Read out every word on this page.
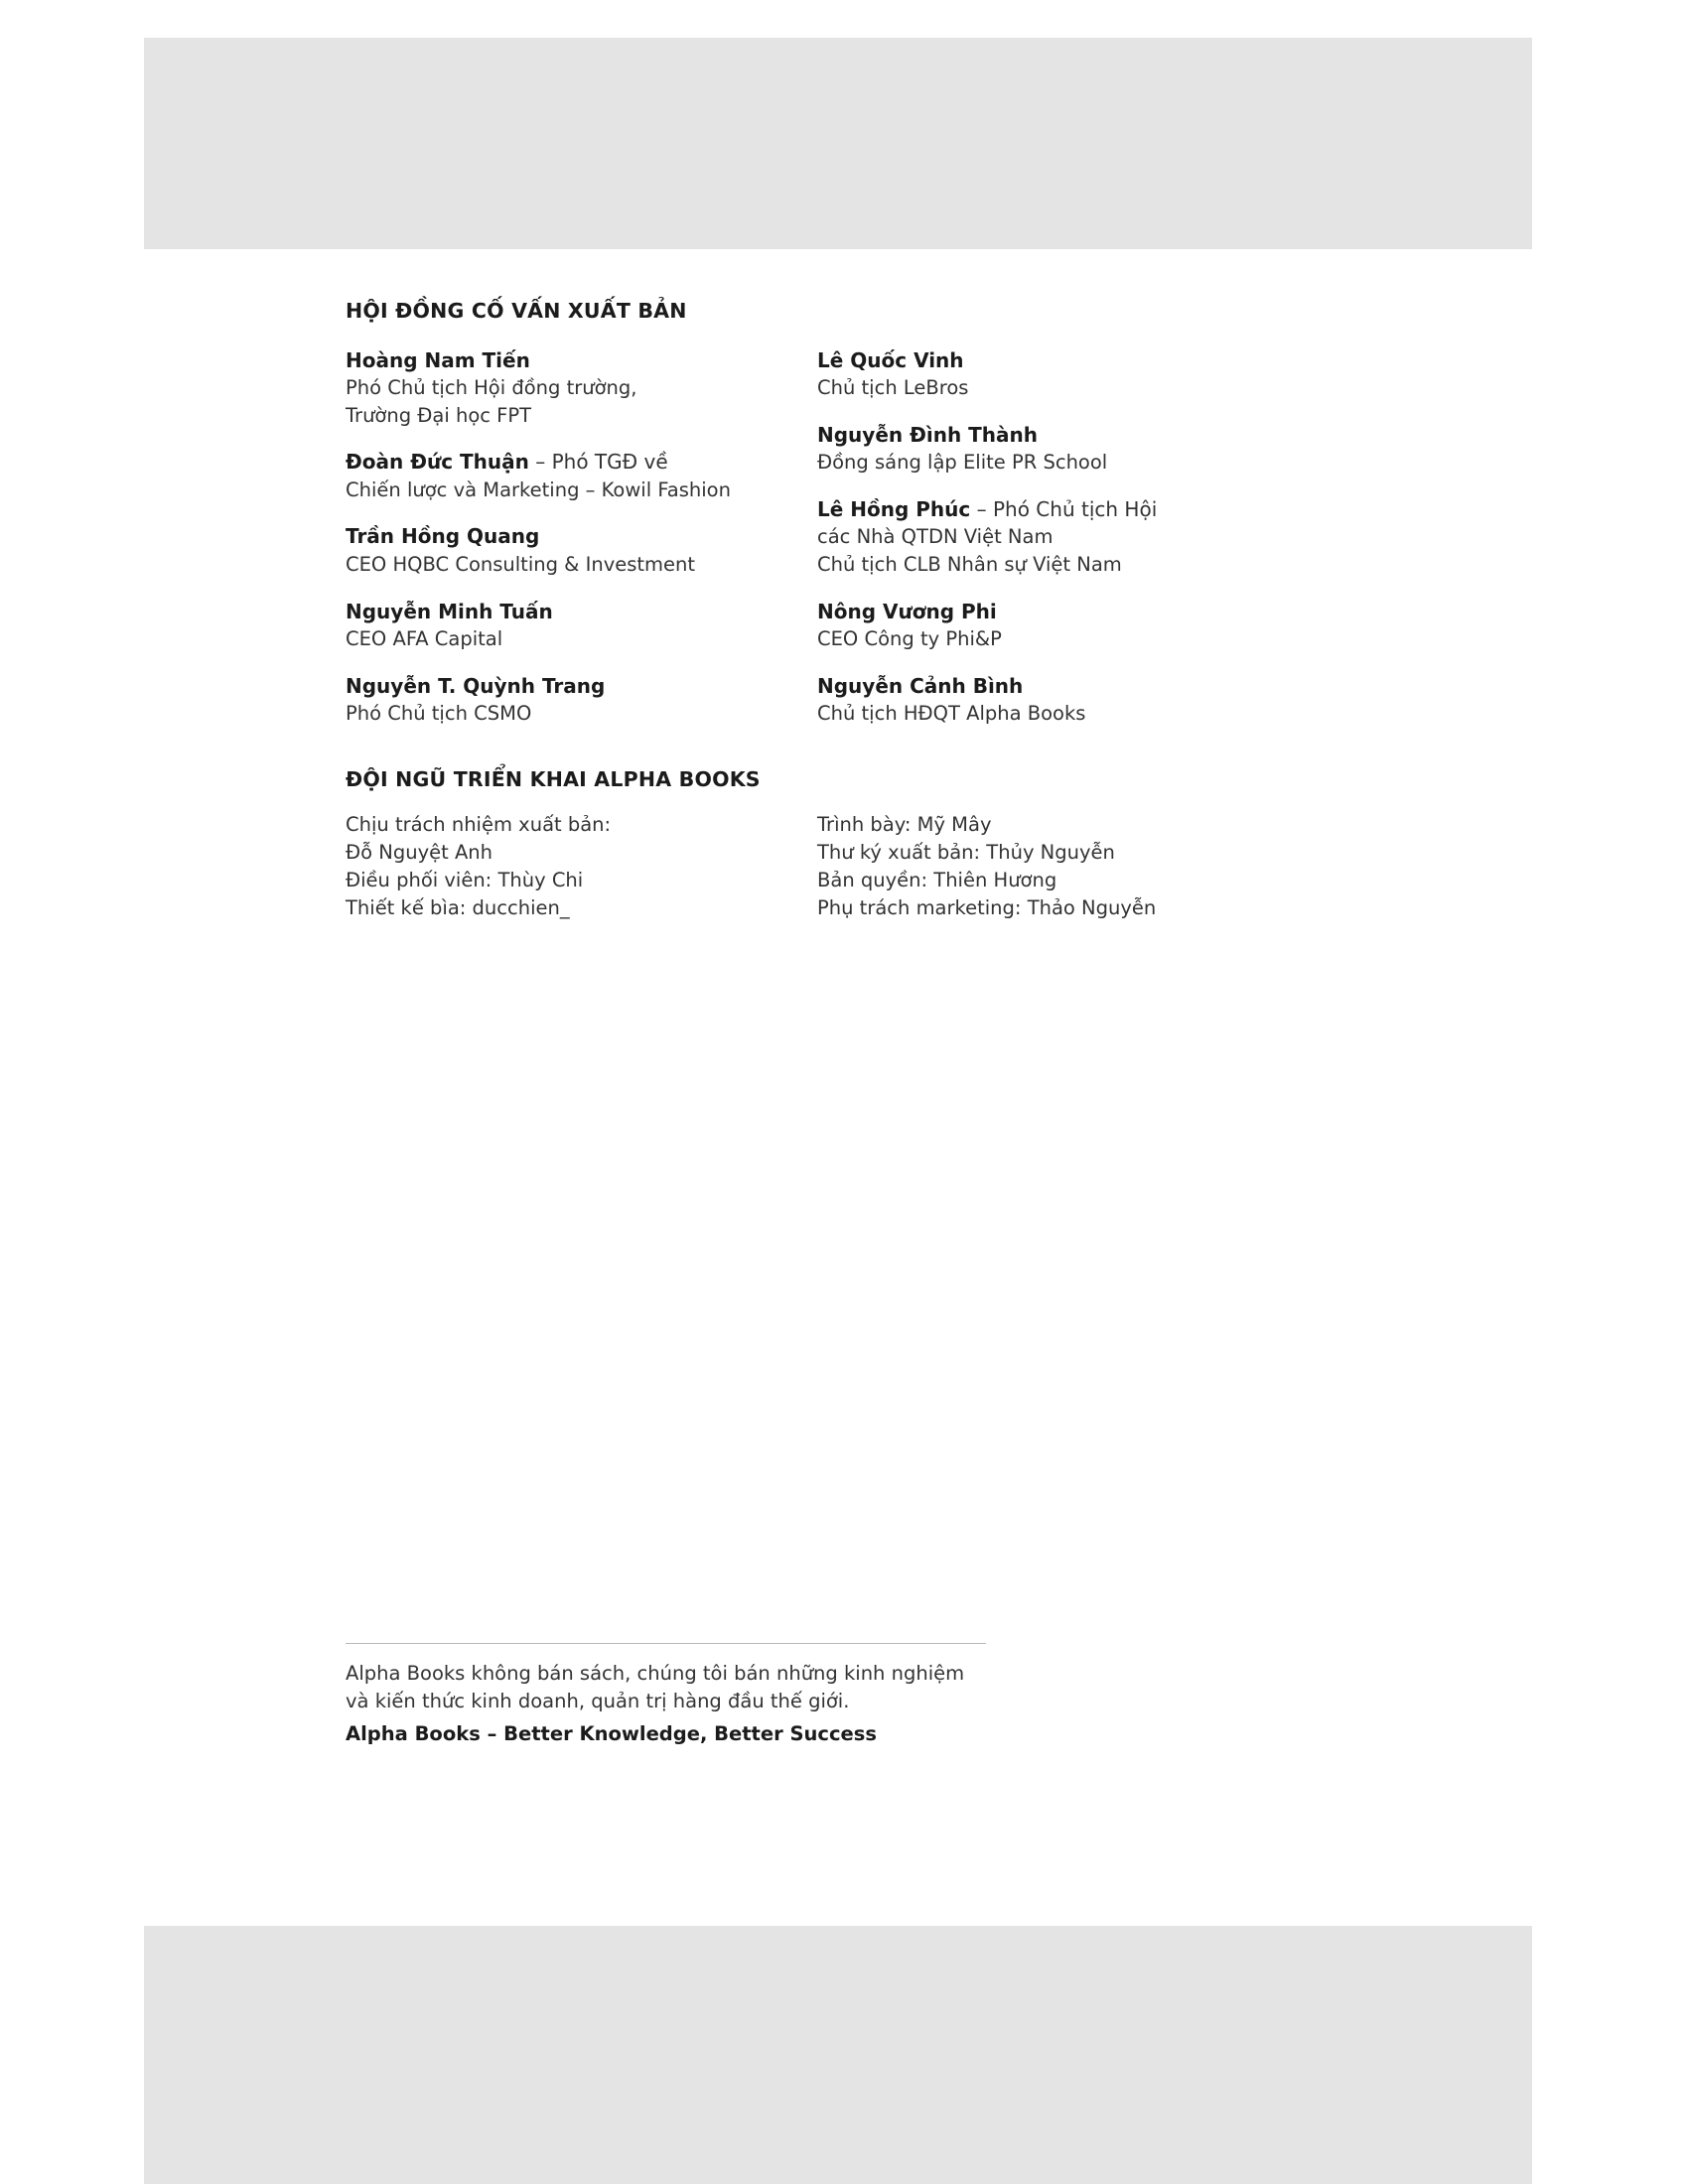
HỘI ĐỒNG CỐ VẤN XUẤT BẢN
Hoàng Nam Tiến
Phó Chủ tịch Hội đồng trường,
Trường Đại học FPT
Đoàn Đức Thuận – Phó TGĐ về
Chiến lược và Marketing – Kowil Fashion
Trần Hồng Quang
CEO HQBC Consulting & Investment
Nguyễn Minh Tuấn
CEO AFA Capital
Nguyễn T. Quỳnh Trang
Phó Chủ tịch CSMO
Lê Quốc Vinh
Chủ tịch LeBros
Nguyễn Đình Thành
Đồng sáng lập Elite PR School
Lê Hồng Phúc – Phó Chủ tịch Hội
các Nhà QTDN Việt Nam
Chủ tịch CLB Nhân sự Việt Nam
Nông Vương Phi
CEO Công ty Phi&P
Nguyễn Cảnh Bình
Chủ tịch HĐQT Alpha Books
ĐỘI NGŨ TRIỂN KHAI ALPHA BOOKS
Chịu trách nhiệm xuất bản:
Đỗ Nguyệt Anh
Điều phối viên: Thùy Chi
Thiết kế bìa: ducchien_
Trình bày: Mỹ Mây
Thư ký xuất bản: Thủy Nguyễn
Bản quyền: Thiên Hương
Phụ trách marketing: Thảo Nguyễn

Alpha Books không bán sách, chúng tôi bán những kinh nghiệm

và kiến thức kinh doanh, quản trị hàng đầu thế giới.

Alpha Books – Better Knowledge, Better Success
